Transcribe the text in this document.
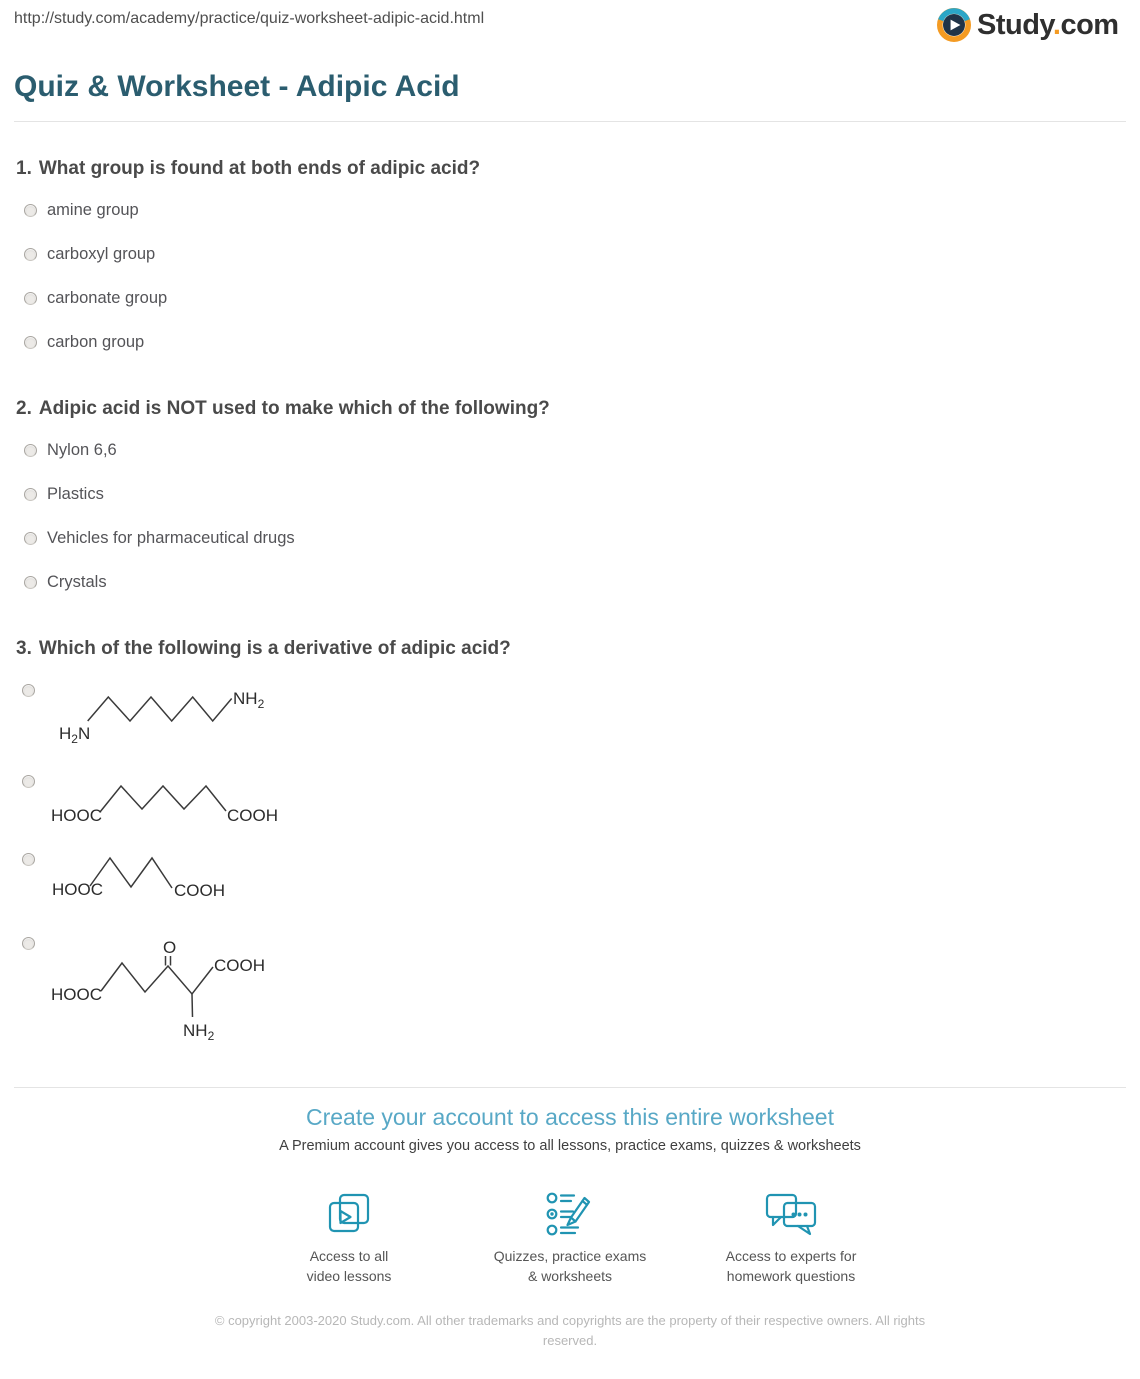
http://study.com/academy/practice/quiz-worksheet-adipic-acid.html	Study.com
Quiz & Worksheet - Adipic Acid
1. What group is found at both ends of adipic acid?
amine group
carboxyl group
carbonate group
carbon group
2. Adipic acid is NOT used to make which of the following?
Nylon 6,6
Plastics
Vehicles for pharmaceutical drugs
Crystals
3. Which of the following is a derivative of adipic acid?
$H_2N$
$NH_2$
HOOC	COOH
HOOC	COOH
O
HOOC
COOH
$NH_2$
Create your account to access this entire worksheet
A Premium account gives you access to all lessons, practice exams, quizzes & worksheets
Access to all
video lessons
Quizzes, practice exams
& worksheets
Access to experts for
homework questions
© copyright 2003-2020 Study.com. All other trademarks and copyrights are the property of their respective owners. All rights reserved.
